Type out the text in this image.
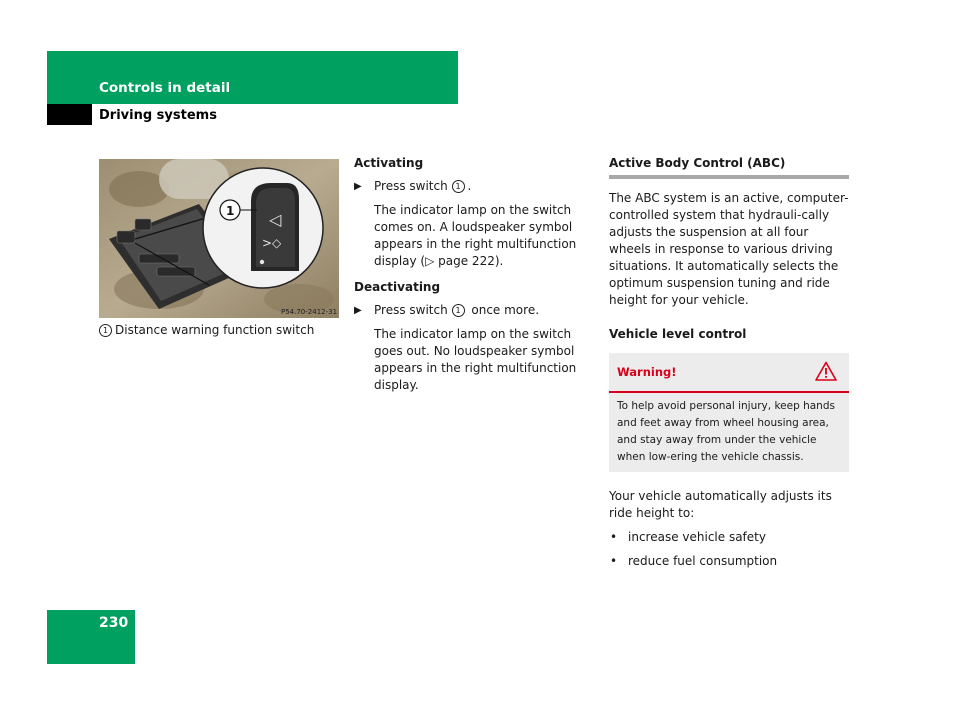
Controls in detail
Driving systems
◁
>◇
1
P54.70-2412-31
1 Distance warning function switch
Activating
▶ Press switch 1 .
The indicator lamp on the switch comes on. A loudspeaker symbol appears in the right multifunction display (▷ page 222).
Deactivating
▶ Press switch 1 once more.
The indicator lamp on the switch goes out. No loudspeaker symbol appears in the right multifunction display.
Active Body Control (ABC)
The ABC system is an active, computer-controlled system that hydrauli-cally adjusts the suspension at all four wheels in response to various driving situations. It automatically selects the optimum suspension tuning and ride height for your vehicle.
Vehicle level control
Warning!
To help avoid personal injury, keep hands and feet away from wheel housing area, and stay away from under the vehicle when low-ering the vehicle chassis.
Your vehicle automatically adjusts its ride height to:
• increase vehicle safety
• reduce fuel consumption
230
